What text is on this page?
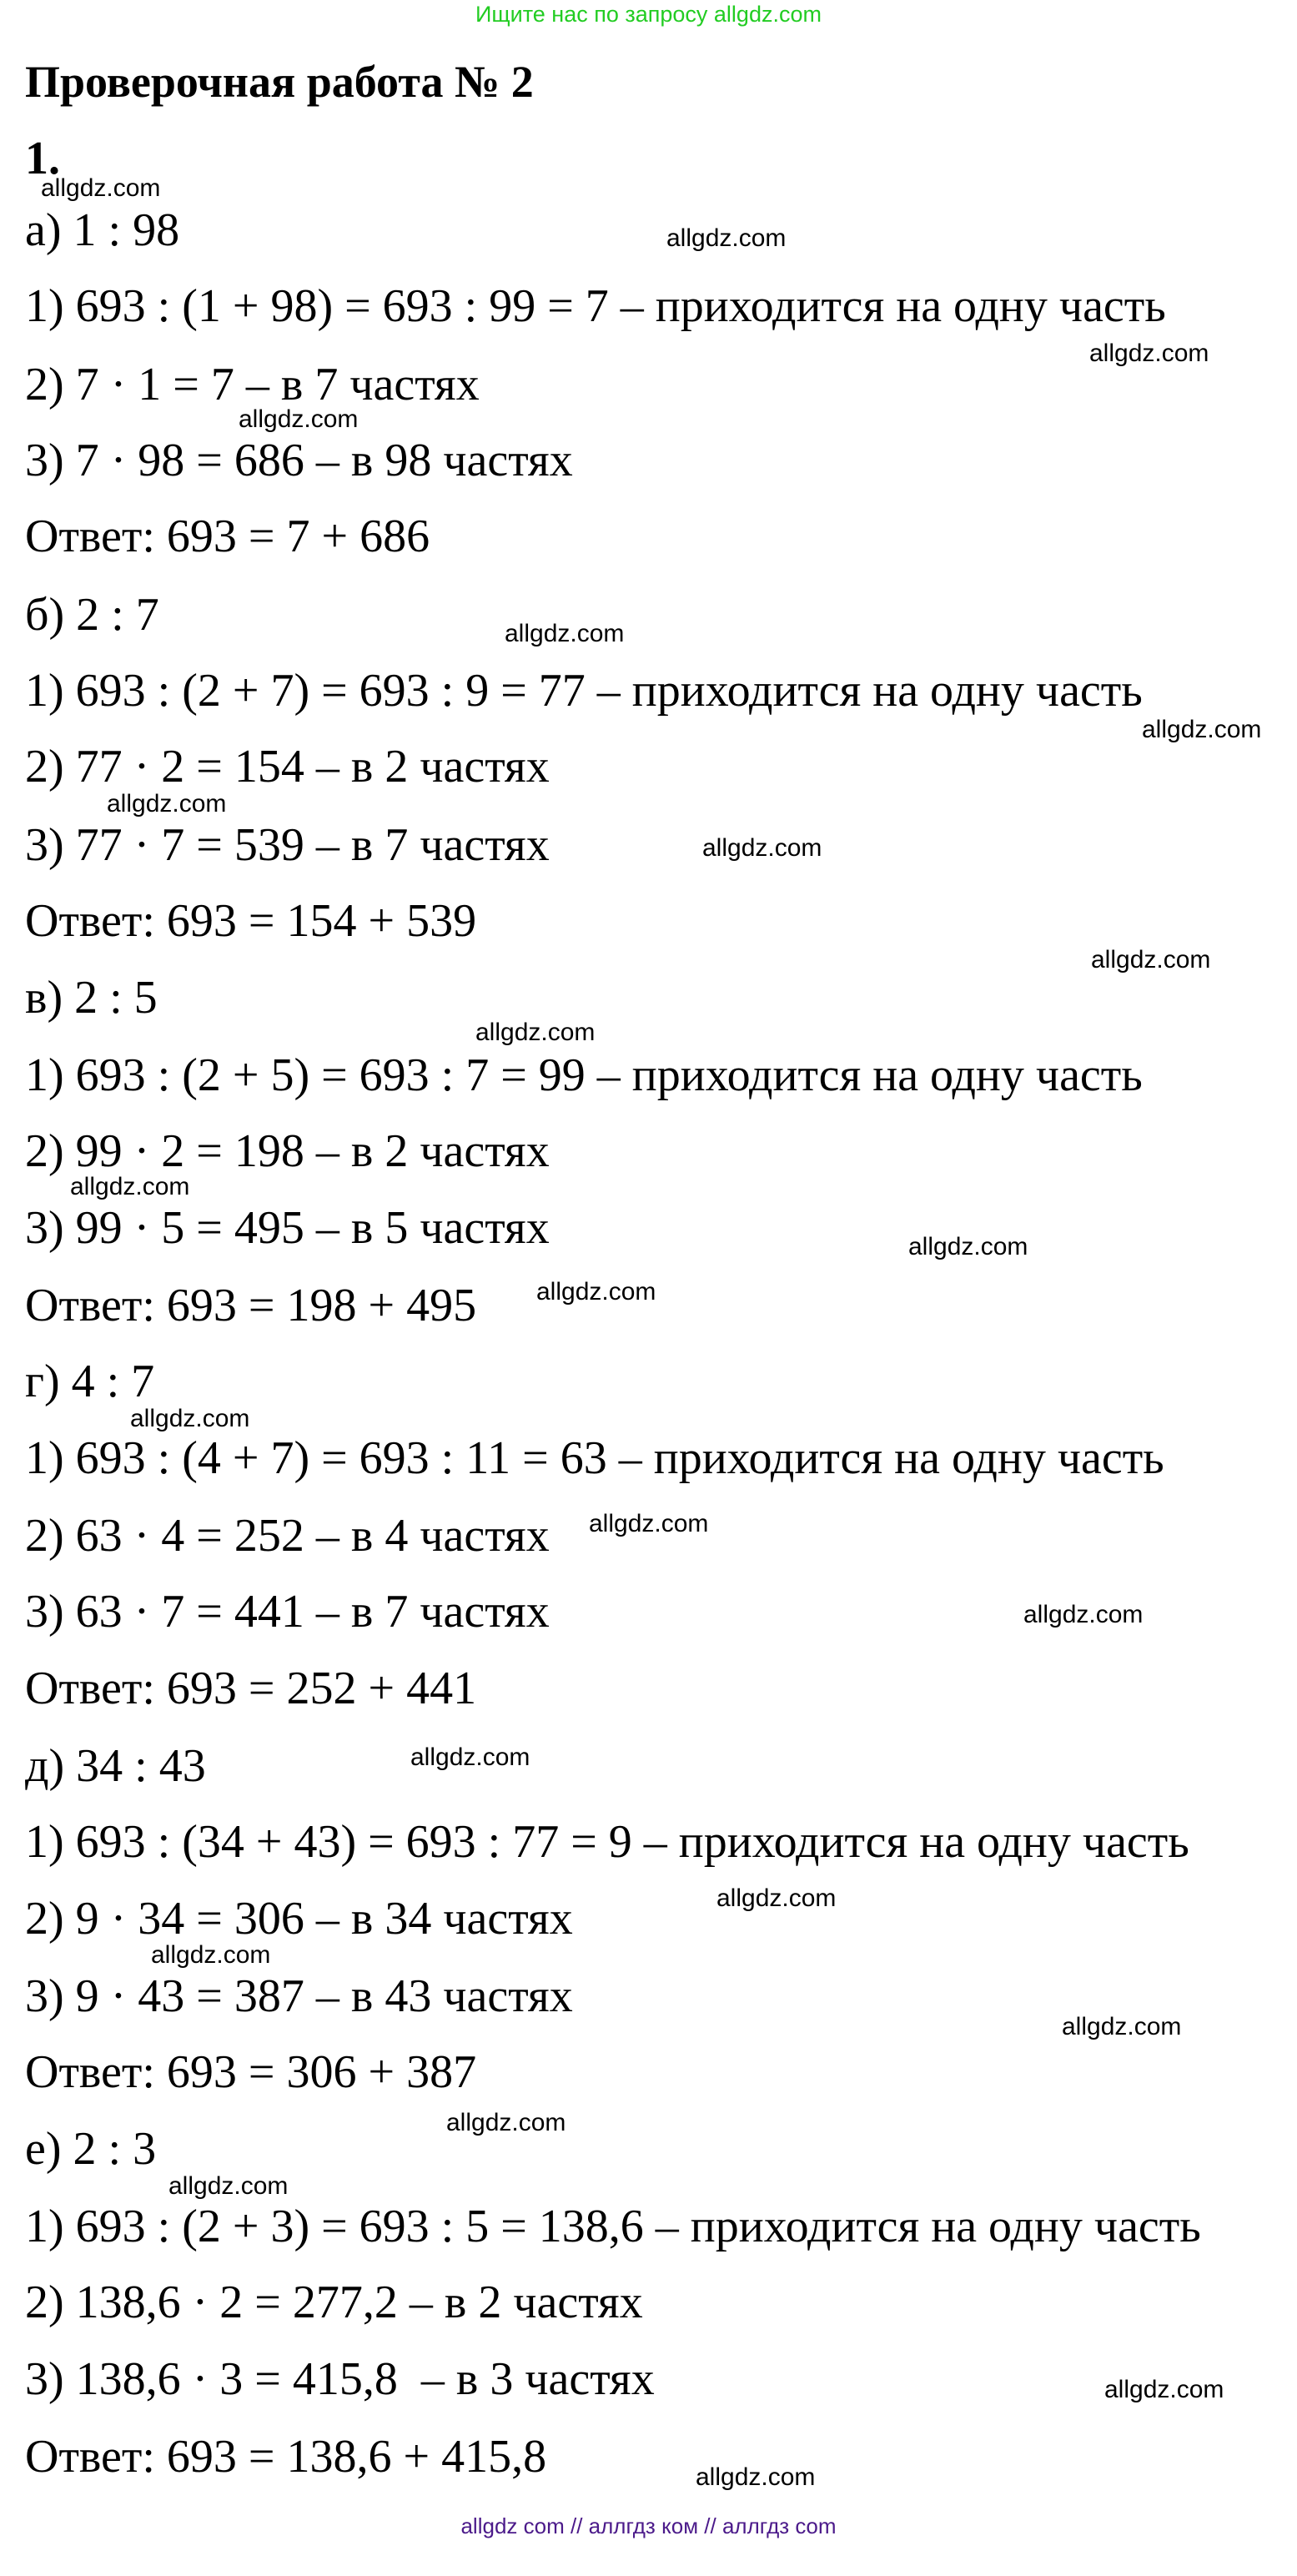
Ищите нас по запросу allgdz.com
Проверочная работа № 2
1.
а) 1 : 98
1) 693 : (1 + 98) = 693 : 99 = 7 – приходится на одну часть
2) 7 · 1 = 7 – в 7 частях
3) 7 · 98 = 686 – в 98 частях
Ответ: 693 = 7 + 686
б) 2 : 7
1) 693 : (2 + 7) = 693 : 9 = 77 – приходится на одну часть
2) 77 · 2 = 154 – в 2 частях
3) 77 · 7 = 539 – в 7 частях
Ответ: 693 = 154 + 539
в) 2 : 5
1) 693 : (2 + 5) = 693 : 7 = 99 – приходится на одну часть
2) 99 · 2 = 198 – в 2 частях
3) 99 · 5 = 495 – в 5 частях
Ответ: 693 = 198 + 495
г) 4 : 7
1) 693 : (4 + 7) = 693 : 11 = 63 – приходится на одну часть
2) 63 · 4 = 252 – в 4 частях
3) 63 · 7 = 441 – в 7 частях
Ответ: 693 = 252 + 441
д) 34 : 43
1) 693 : (34 + 43) = 693 : 77 = 9 – приходится на одну часть
2) 9 · 34 = 306 – в 34 частях
3) 9 · 43 = 387 – в 43 частях
Ответ: 693 = 306 + 387
е) 2 : 3
1) 693 : (2 + 3) = 693 : 5 = 138,6 – приходится на одну часть
2) 138,6 · 2 = 277,2 – в 2 частях
3) 138,6 · 3 = 415,8  – в 3 частях
Ответ: 693 = 138,6 + 415,8
allgdz.com
allgdz.com
allgdz.com
allgdz.com
allgdz.com
allgdz.com
allgdz.com
allgdz.com
allgdz.com
allgdz.com
allgdz.com
allgdz.com
allgdz.com
allgdz.com
allgdz.com
allgdz.com
allgdz.com
allgdz.com
allgdz.com
allgdz.com
allgdz.com
allgdz.com
allgdz.com
allgdz.com
allgdz com // аллгдз ком // аллгдз com
